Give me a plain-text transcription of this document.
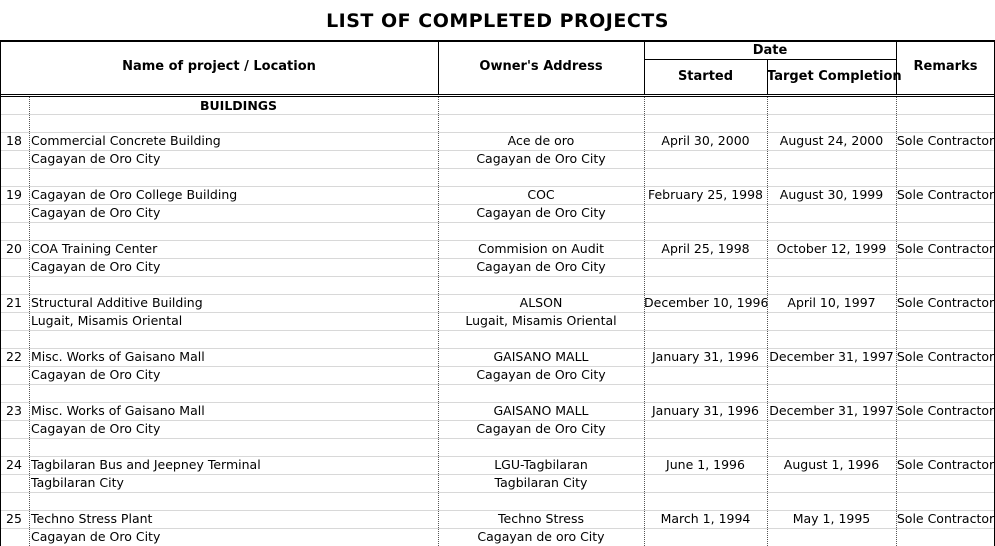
LIST OF COMPLETED PROJECTS
Name of project / Location	Owner's Address
Date
Started	Target Completion
Remarks
BUILDINGS
18 Commercial Concrete Building
Cagayan de Oro City
Ace de oro
Cagayan de Oro City
April 30, 2000	August 24, 2000	Sole Contractor
19 Cagayan de Oro College Building
Cagayan de Oro City
COC
Cagayan de Oro City
February 25, 1998	August 30, 1999	Sole Contractor
20 COA Training Center
Cagayan de Oro City
Commision on Audit
Cagayan de Oro City
April 25, 1998	October 12, 1999 Sole Contractor
21 Structural Additive Building
Lugait, Misamis Oriental
ALSON
Lugait, Misamis Oriental
December 10, 1996	April 10, 1997	Sole Contractor
22 Misc. Works of Gaisano Mall
Cagayan de Oro City
GAISANO MALL
Cagayan de Oro City
January 31, 1996 December 31, 1997 Sole Contractor
23 Misc. Works of Gaisano Mall
Cagayan de Oro City
GAISANO MALL
Cagayan de Oro City
January 31, 1996 December 31, 1997 Sole Contractor
24 Tagbilaran Bus and Jeepney Terminal
Tagbilaran City
LGU-Tagbilaran
Tagbilaran City
June 1, 1996	August 1, 1996	Sole Contractor
25 Techno Stress Plant
Cagayan de Oro City
Techno Stress
Cagayan de oro City
March 1, 1994	May 1, 1995	Sole Contractor
